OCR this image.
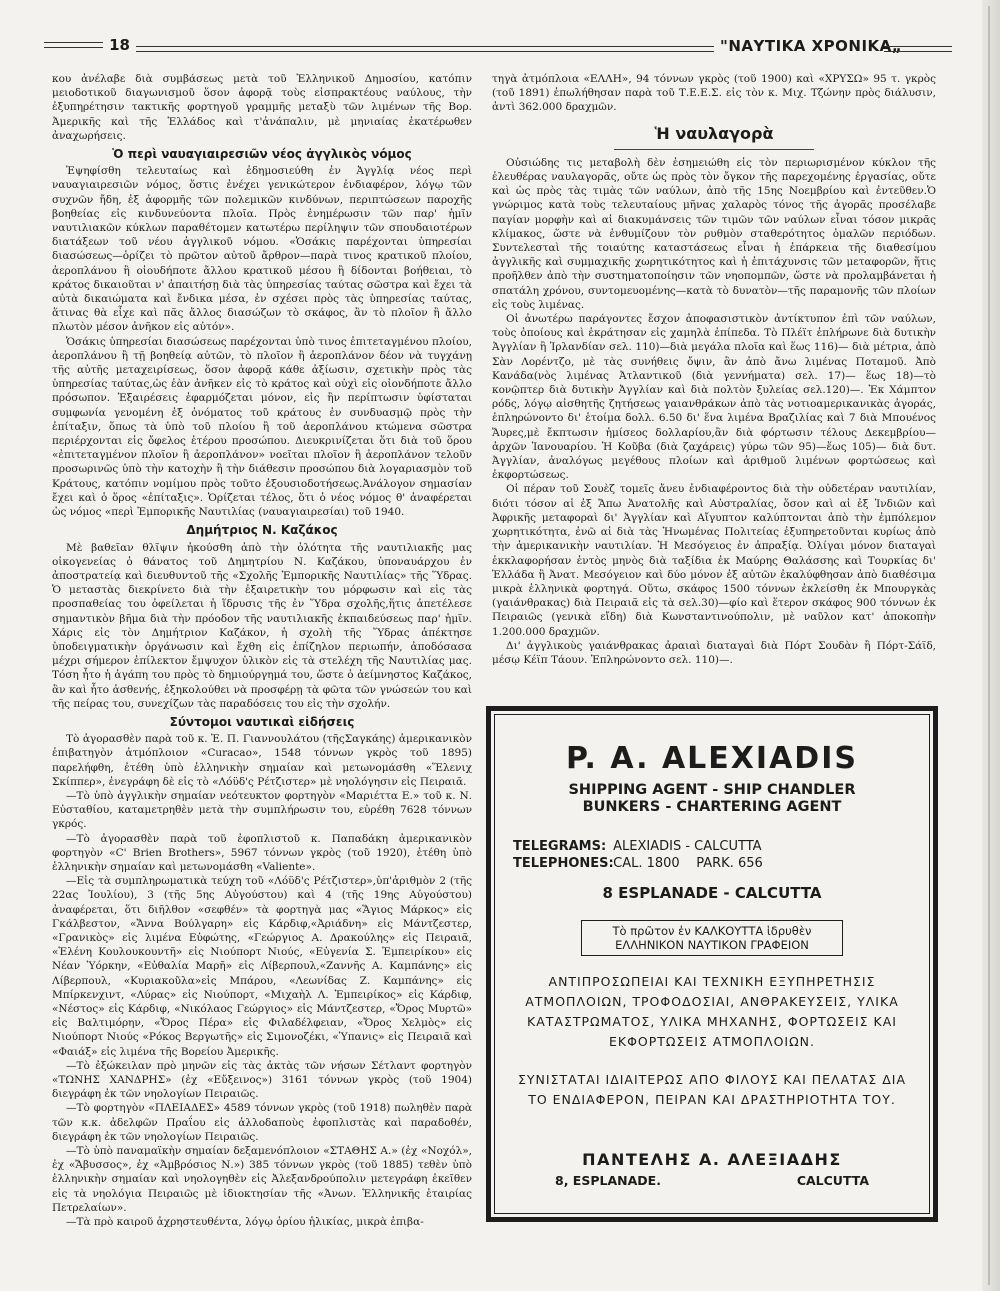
18	"ΝΑΥΤΙΚΑ ΧΡΟΝΙΚΑ„

κου ἀνέλαβε διὰ συμβάσεως μετὰ τοῦ Ἑλληνικοῦ Δημοσίου, κατόπιν μειοδοτικοῦ διαγωνισμοῦ ὅσον ἀφορᾷ τοὺς εἰσπρακτέους ναύλους, τὴν ἐξυπηρέτησιν τακτικῆς φορτηγοῦ γραμμῆς μεταξὺ τῶν λιμένων τῆς Βορ. Ἀμερικῆς καὶ τῆς Ἑλλάδος καὶ τ'ἀνάπαλιν, μὲ μηνιαίας ἑκατέρωθεν ἀναχωρήσεις.

Ὁ περὶ ναυαγιαιρεσιῶν νέος ἀγγλικὸς νόμος

Ἐψηφίσθη τελευταίως καὶ ἐδημοσιεύθη ἐν Ἀγγλίᾳ νέος περὶ ναυαγιαιρεσιῶν νόμος, ὅστις ἐνέχει γενικώτερον ἐνδιαφέρον, λόγῳ τῶν συχνῶν ἤδη, ἐξ ἀφορμῆς τῶν πολεμικῶν κινδύνων, περιπτώσεων παροχῆς βοηθείας εἰς κινδυνεύοντα πλοῖα. Πρὸς ἐνημέρωσιν τῶν παρ' ἡμῖν ναυτιλιακῶν κύκλων παραθέτομεν κατωτέρω περίληψιν τῶν σπουδαιοτέρων διατάξεων τοῦ νέου ἀγγλικοῦ νόμου. «Ὁσάκις παρέχονται ὑπηρεσίαι διασώσεως—ὁρίζει τὸ πρῶτον αὐτοῦ ἄρθρον—παρὰ τινος κρατικοῦ πλοίου, ἀεροπλάνου ἢ οἱουδήποτε ἄλλου κρατικοῦ μέσου ἢ δίδονται βοήθειαι, τὸ κράτος δικαιοῦται ν' ἀπαιτήσῃ διὰ τὰς ὑπηρεσίας ταύτας σῶστρα καὶ ἔχει τὰ αὐτὰ δικαιώματα καὶ ἔνδικα μέσα, ἐν σχέσει πρὸς τὰς ὑπηρεσίας ταύτας, ἅτινας θὰ εἶχε καὶ πᾶς ἄλλος διασώζων τὸ σκάφος, ἂν τὸ πλοῖον ἢ ἄλλο πλωτὸν μέσον ἀνῆκον εἰς αὐτόν».

Ὁσάκις ὑπηρεσίαι διασώσεως παρέχονται ὑπὸ τινος ἐπιτεταγμένου πλοίου, ἀεροπλάνου ἢ τῇ βοηθείᾳ αὐτῶν, τὸ πλοῖον ἢ ἀεροπλάνον δέον νὰ τυγχάνῃ τῆς αὐτῆς μεταχειρίσεως, ὅσον ἀφορᾷ κάθε ἀξίωσιν, σχετικὴν πρὸς τὰς ὑπηρεσίας ταύτας,ὡς ἐὰν ἀνῆκεν εἰς τὸ κράτος καὶ οὐχὶ εἰς οἱονδήποτε ἄλλο πρόσωπον. Ἐξαιρέσεις ἐφαρμόζεται μόνον, εἰς ἣν περίπτωσιν ὑφίσταται συμφωνία γενομένη ἐξ ὀνόματος τοῦ κράτους ἐν συνδυασμῷ πρὸς τὴν ἐπίταξιν, ὅπως τὰ ὑπὸ τοῦ πλοίου ἢ τοῦ ἀεροπλάνου κτώμενα σῶστρα περιέρχονται εἰς ὄφελος ἑτέρου προσώπου. Διευκρινίζεται ὅτι διὰ τοῦ ὅρου «ἐπιτεταγμένον πλοῖον ἢ ἀεροπλάνον» νοεῖται πλοῖον ἢ ἀεροπλάνον τελοῦν προσωρινῶς ὑπὸ τὴν κατοχὴν ἢ τὴν διάθεσιν προσώπου διὰ λογαριασμὸν τοῦ Κράτους, κατόπιν νομίμου πρὸς τοῦτο ἐξουσιοδοτήσεως.Ἀνάλογον σημασίαν ἔχει καὶ ὁ ὅρος «ἐπίταξις». Ὁρίζεται τέλος, ὅτι ὁ νέος νόμος θ' ἀναφέρεται ὡς νόμος «περὶ Ἐμπορικῆς Ναυτιλίας (ναυαγιαιρεσίαι) τοῦ 1940.

Δημήτριος Ν. Καζάκος

Μὲ βαθεῖαν θλῖψιν ἠκούσθη ἀπὸ τὴν ὁλότητα τῆς ναυτιλιακῆς μας οἰκογενείας ὁ θάνατος τοῦ Δημητρίου Ν. Καζάκου, ὑποναυάρχου ἐν ἀποστρατείᾳ καὶ διευθυντοῦ τῆς «Σχολῆς Ἐμπορικῆς Ναυτιλίας» τῆς Ὕδρας. Ὁ μεταστὰς διεκρίνετο διὰ τὴν ἐξαιρετικὴν του μόρφωσιν καὶ εἰς τὰς προσπαθείας του ὀφείλεται ἡ ἵδρυσις τῆς ἐν Ὕδρα σχολῆς,ἥτις ἀπετέλεσε σημαντικὸν βῆμα διὰ τὴν πρόοδον τῆς ναυτιλιακῆς ἐκπαιδεύσεως παρ' ἡμῖν. Χάρις εἰς τὸν Δημήτριον Καζάκον, ἡ σχολὴ τῆς Ὕδρας ἀπέκτησε ὑποδειγματικὴν ὀργάνωσιν καὶ ἔχθη εἰς ἐπίζηλον περιωπήν, ἀποδόσασα μέχρι σήμερον ἐπίλεκτον ἔμψυχον ὑλικὸν εἰς τὰ στελέχη τῆς Ναυτιλίας μας. Τόση ἦτο ἡ ἀγάπη του πρὸς τὸ δημιούργημά του, ὥστε ὁ ἀείμνηστος Καζάκος, ἂν καὶ ἦτο ἀσθενής, ἐξηκολούθει νὰ προσφέρῃ τὰ φῶτα τῶν γνώσεών του καὶ τῆς πείρας του, συνεχίζων τὰς παραδόσεις του εἰς τὴν σχολήν.

Σύντομοι ναυτικαὶ εἰδήσεις

Τὸ ἀγορασθὲν παρὰ τοῦ κ. Ἐ. Π. Γιαννουλάτου (τῆςΣαγκάης) ἀμερικανικὸν ἐπιβατηγὸν ἀτμόπλοιον «Curacao», 1548 τόννων γκρὸς τοῦ 1895) παρελήφθη, ἐτέθη ὑπὸ ἑλληνικὴν σημαίαν καὶ μετωνομάσθη «Ἕλενιχ Σκίππερ», ἐνεγράφη δὲ εἰς τὸ «Λόϋδ'ς Ρέτζιστερ» μὲ νηολόγησιν εἰς Πειραιᾶ.

—Τὸ ὑπὸ ἀγγλικὴν σημαίαν νεότευκτον φορτηγὸν «Μαριέττα Ε.» τοῦ κ. Ν. Εὐσταθίου, καταμετρηθὲν μετὰ τὴν συμπλήρωσιν του, εὑρέθη 7628 τόννων γκρός.

—Τὸ ἀγορασθὲν παρὰ τοῦ ἐφοπλιστοῦ κ. Παπαδάκη ἀμερικανικὸν φορτηγὸν «C' Brien Brothers», 5967 τόννων γκρὸς (τοῦ 1920), ἐτέθη ὑπὸ ἑλληνικὴν σημαίαν καὶ μετωνομάσθη «Valiente».

—Εἰς τὰ συμπληρωματικὰ τεύχη τοῦ «Λόϋδ'ς Ρέτζιστερ»,ὑπ'ἀριθμὸν 2 (τῆς 22ας Ἰουλίου), 3 (τῆς 5ης Αὐγούστου) καὶ 4 (τῆς 19ης Αὐγούστου) ἀναφέρεται, ὅτι διῆλθον «σεφθέν» τὰ φορτηγὰ μας «Ἅγιος Μάρκος» εἰς Γκάλβεστον, «Ἄννα Βούλγαρη» εἰς Κάρδιφ,«Ἀριάδνη» εἰς Μάντζεστερ, «Γρανικὸς» εἰς λιμένα Εὐφώτης, «Γεώργιος Α. Δρακούλης» εἰς Πειραιᾶ, «Ἑλένη Κουλουκουντῆ» εἰς Νιούπορτ Νιούς, «Εὐγενία Σ. Ἐμπειρίκου» εἰς Νέαν Ὑόρκην, «Εὐθαλία Μαρῆ» εἰς Λίβερπουλ,«Ζαννῆς Α. Καμπάνης» εἰς Λίβερπουλ, «Κυριακοῦλα»εἰς Μπάρου, «Λεωνίδας Ζ. Καμπάνης» εἰς Μπίρκενχιντ, «Λύρας» εἰς Νιούπορτ, «Μιχαὴλ Λ. Ἐμπειρίκος» εἰς Κάρδιφ, «Νέστος» εἰς Κάρδιφ, «Νικόλαος Γεώργιος» εἰς Μάντζεστερ, «Ὄρος Μυρτῶ» εἰς Βαλτιμόρην, «Ὄρος Πέρα» εἰς Φιλαδέλφειαν, «Ὄρος Χελμὸς» εἰς Νιούπορτ Νιούς «Ρόκος Βεργωτῆς» εἰς Σιμονοζέκι, «Ὑπανις» εἰς Πειραιᾶ καὶ «Φαιάξ» εἰς λιμένα τῆς Βορείου Ἀμερικῆς.

—Τὸ ἐξώκειλαν πρὸ μηνῶν εἰς τὰς ἀκτὰς τῶν νήσων Σέτλαντ φορτηγὸν «ΤΩΝΗΣ ΧΑΝΔΡΗΣ» (ἐχ «Εὔξεινος») 3161 τόννων γκρὸς (τοῦ 1904) διεγράφη ἐκ τῶν νηολογίων Πειραιῶς.

—Τὸ φορτηγὸν «ΠΛΕΙΑΔΕΣ» 4589 τόννων γκρὸς (τοῦ 1918) πωληθὲν παρὰ τῶν κ.κ. ἀδελφῶν Πραΐου εἰς ἀλλοδαποὺς ἐφοπλιστὰς καὶ παραδοθέν, διεγράφη ἐκ τῶν νηολογίων Πειραιῶς.

—Τὸ ὑπὸ παναμαϊκὴν σημαίαν δεξαμενόπλοιον «ΣΤΑΘΗΣ Α.» (ἐχ «Νοχόλ», ἐχ «Ἄβυσσος», ἐχ «Ἀμβρόσιος Ν.») 385 τόννων γκρὸς (τοῦ 1885) τεθὲν ὑπὸ ἑλληνικὴν σημαίαν καὶ νηολογηθὲν εἰς Ἀλεξανδρούπολιν μετεγράφη ἐκεῖθεν εἰς τὰ νηολόγια Πειραιῶς μὲ ἰδιοκτησίαν τῆς «Ἀνων. Ἑλληνικῆς ἑταιρίας Πετρελαίων».

—Τὰ πρὸ καιροῦ ἀχρηστευθέντα, λόγῳ ὁρίου ἡλικίας, μικρὰ ἐπιβα-

τηγὰ ἀτμόπλοια «ΕΛΛΗ», 94 τόννων γκρὸς (τοῦ 1900) καὶ «ΧΡΥΣΩ» 95 τ. γκρὸς (τοῦ 1891) ἐπωλήθησαν παρὰ τοῦ Τ.Ε.Ε.Σ. εἰς τὸν κ. Μιχ. Τζώνην πρὸς διάλυσιν, ἀντὶ 362.000 δραχμῶν.

Ἡ ναυλαγορὰ

Οὐσιώδης τις μεταβολὴ δὲν ἐσημειώθη εἰς τὸν περιωρισμένον κύκλον τῆς ἐλευθέρας ναυλαγορᾶς, οὔτε ὡς πρὸς τὸν ὄγκον τῆς παρεχομένης ἐργασίας, οὔτε καὶ ὡς πρὸς τὰς τιμὰς τῶν ναύλων, ἀπὸ τῆς 15ης Νοεμβρίου καὶ ἐντεῦθεν.Ὁ γνώριμος κατὰ τοὺς τελευταίους μῆνας χαλαρὸς τόνος τῆς ἀγορᾶς προσέλαβε παγίαν μορφὴν καὶ αἱ διακυμάνσεις τῶν τιμῶν τῶν ναύλων εἶναι τόσον μικρᾶς κλίμακος, ὥστε νὰ ἐνθυμίζουν τὸν ρυθμὸν σταθερότητος ὁμαλῶν περιόδων. Συντελεσταὶ τῆς τοιαύτης καταστάσεως εἶναι ἡ ἐπάρκεια τῆς διαθεσίμου ἀγγλικῆς καὶ συμμαχικῆς χωρητικότητος καὶ ἡ ἐπιτάχυνσις τῶν μεταφορῶν, ἥτις προῆλθεν ἀπὸ τὴν συστηματοποίησιν τῶν νηοπομπῶν, ὥστε νὰ προλαμβάνεται ἡ σπατάλη χρόνου, συντομευομένης—κατὰ τὸ δυνατὸν—τῆς παραμονῆς τῶν πλοίων εἰς τοὺς λιμένας.

Οἱ ἀνωτέρω παράγοντες ἔσχον ἀποφασιστικὸν ἀντίκτυπον ἐπὶ τῶν ναύλων, τοὺς ὁποίους καὶ ἐκράτησαν εἰς χαμηλὰ ἐπίπεδα. Τὸ Πλέϊτ ἐπλήρωνε διὰ δυτικὴν Ἀγγλίαν ἢ Ἰρλανδίαν σελ. 110)—διὰ μεγάλα πλοῖα καὶ ἕως 116)— διὰ μέτρια, ἀπὸ Σὰν Λορέντζο, μὲ τὰς συνήθεις ὄψιν, ἂν ἀπὸ ἄνω λιμένας Ποταμοῦ. Ἀπὸ Κανάδα(νὸς λιμένας Ἀτλαντικοῦ (διὰ γεννήματα) σελ. 17)— ἕως 18)—τὸ κονῷπτερ διὰ δυτικὴν Ἀγγλίαν καὶ διὰ πολτὸν ξυλείας σελ.120)—. Ἐκ Χάμπτον ρόδς, λόγῳ αἰσθητῆς ζητήσεως γαιανθράκων ἀπὸ τὰς νοτιοαμερικανικὰς ἀγοράς, ἐπληρώνοντο δι' ἑτοίμα δολλ. 6.50 δι' ἕνα λιμένα Βραζιλίας καὶ 7 διὰ Μπουένος Ἄυρες,μὲ ἔκπτωσιν ἡμίσεος δολλαρίου,ἂν διὰ φόρτωσιν τέλους Δεκεμβρίου—ἀρχῶν Ἰανουαρίου. Ἡ Κοῦβα (διὰ ζαχάρεις) γύρω τῶν 95)—ἕως 105)— διὰ δυτ. Ἀγγλίαν, ἀναλόγως μεγέθους πλοίων καὶ ἀριθμοῦ λιμένων φορτώσεως καὶ ἐκφορτώσεως.

Οἱ πέραν τοῦ Σουὲζ τομεῖς ἄνευ ἐνδιαφέροντος διὰ τὴν οὐδετέραν ναυτιλίαν, διότι τόσον αἱ ἐξ Ἄπω Ἀνατολῆς καὶ Αὐστραλίας, ὅσον καὶ αἱ ἐξ Ἰνδιῶν καὶ Ἀφρικῆς μεταφοραὶ δι' Ἀγγλίαν καὶ Αἴγυπτον καλύπτονται ἀπὸ τὴν ἐμπόλεμον χωρητικότητα, ἐνῶ αἱ διὰ τὰς Ἡνωμένας Πολιτείας ἐξυπηρετοῦνται κυρίως ἀπὸ τὴν ἀμερικανικὴν ναυτιλίαν. Ἡ Μεσόγειος ἐν ἀπραξίᾳ. Ὀλίγαι μόνον διαταγαὶ ἐκκλαφορήσαν ἐντὸς μηνὸς διὰ ταξίδια ἐκ Μαύρης Θαλάσσης καὶ Τουρκίας δι' Ἑλλάδα ἢ Ἀνατ. Μεσόγειον καὶ δύο μόνον ἐξ αὐτῶν ἐκαλύφθησαν ἀπὸ διαθέσιμα μικρὰ ἑλληνικὰ φορτηγά. Οὕτω, σκάφος 1500 τόννων ἐκλείσθη ἐκ Μπουργκὰς (γαιάνθρακας) διὰ Πειραιᾶ εἰς τὰ σελ.30)—φίο καὶ ἕτερον σκάφος 900 τόννων ἐκ Πειραιῶς (γενικὰ εἴδη) διὰ Κωνσταντινούπολιν, μὲ ναῦλον κατ' ἀποκοπὴν 1.200.000 δραχμῶν.

Δι' ἀγγλικοὺς γαιάνθρακας ἀραιαὶ διαταγαὶ διὰ Πόρτ Σουδὰν ἢ Πόρτ-Σάϊδ, μέσῳ Κέϊπ Τάουν. Ἐπληρώνοντο σελ. 110)—.

P. A. ALEXIADIS
SHIPPING AGENT - SHIP CHANDLER
BUNKERS - CHARTERING AGENT
TELEGRAMS: ALEXIADIS - CALCUTTA
TELEPHONES: CAL. 1800    PARK. 656
8 ESPLANADE - CALCUTTA
Τὸ πρῶτον ἐν ΚΑΛΚΟΥΤΤΑ ἱδρυθὲν
ΕΛΛΗΝΙΚΟΝ ΝΑΥΤΙΚΟΝ ΓΡΑΦΕΙΟΝ
ΑΝΤΙΠΡΟΣΩΠΕΙΑΙ ΚΑΙ ΤΕΧΝΙΚΗ ΕΞΥΠΗΡΕΤΗΣΙΣ ΑΤΜΟΠΛΟΙΩΝ, ΤΡΟΦΟΔΟΣΙΑΙ, ΑΝΘΡΑΚΕΥΣΕΙΣ, ΥΛΙΚΑ ΚΑΤΑΣΤΡΩΜΑΤΟΣ, ΥΛΙΚΑ ΜΗΧΑΝΗΣ, ΦΟΡΤΩΣΕΙΣ ΚΑΙ ΕΚΦΟΡΤΩΣΕΙΣ ΑΤΜΟΠΛΟΙΩΝ.
ΣΥΝΙΣΤΑΤΑΙ ΙΔΙΑΙΤΕΡΩΣ ΑΠΟ ΦΙΛΟΥΣ ΚΑΙ ΠΕΛΑΤΑΣ ΔΙΑ ΤΟ ΕΝΔΙΑΦΕΡΟΝ, ΠΕΙΡΑΝ ΚΑΙ ΔΡΑΣΤΗΡΙΟΤΗΤΑ ΤΟΥ.
ΠΑΝΤΕΛΗΣ Α. ΑΛΕΞΙΑΔΗΣ
8, ESPLANADE.	CALCUTTA
